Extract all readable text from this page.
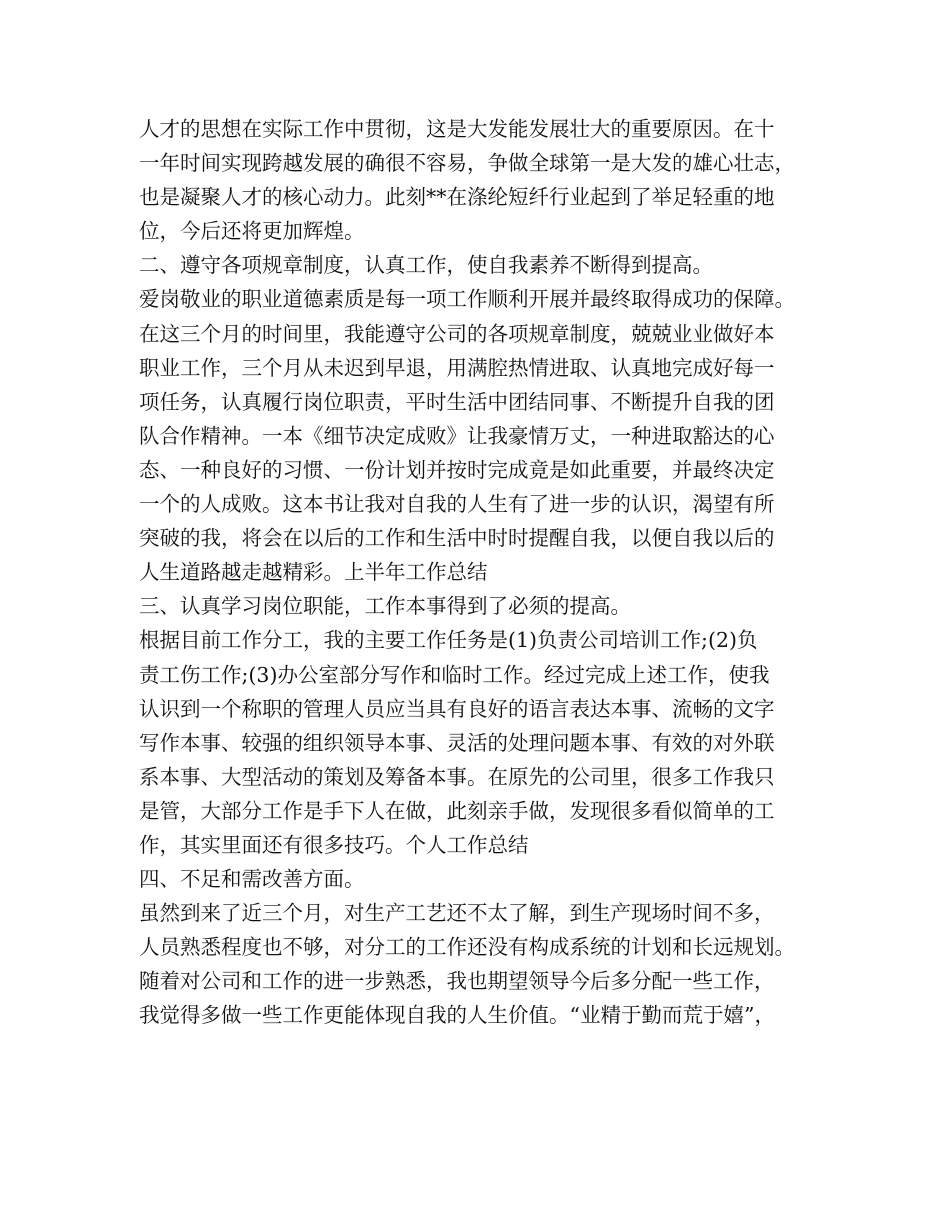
人才的思想在实际工作中贯彻，这是大发能发展壮大的重要原因。在十
一年时间实现跨越发展的确很不容易，争做全球第一是大发的雄心壮志，
也是凝聚人才的核心动力。此刻**在涤纶短纤行业起到了举足轻重的地
位，今后还将更加辉煌。
二、遵守各项规章制度，认真工作，使自我素养不断得到提高。
爱岗敬业的职业道德素质是每一项工作顺利开展并最终取得成功的保障。
在这三个月的时间里，我能遵守公司的各项规章制度，兢兢业业做好本
职业工作，三个月从未迟到早退，用满腔热情进取、认真地完成好每一
项任务，认真履行岗位职责，平时生活中团结同事、不断提升自我的团
队合作精神。一本《细节决定成败》让我豪情万丈，一种进取豁达的心
态、一种良好的习惯、一份计划并按时完成竟是如此重要，并最终决定
一个的人成败。这本书让我对自我的人生有了进一步的认识，渴望有所
突破的我，将会在以后的工作和生活中时时提醒自我，以便自我以后的
人生道路越走越精彩。上半年工作总结
三、认真学习岗位职能，工作本事得到了必须的提高。
根据目前工作分工，我的主要工作任务是(1)负责公司培训工作;(2)负
责工伤工作;(3)办公室部分写作和临时工作。经过完成上述工作，使我
认识到一个称职的管理人员应当具有良好的语言表达本事、流畅的文字
写作本事、较强的组织领导本事、灵活的处理问题本事、有效的对外联
系本事、大型活动的策划及筹备本事。在原先的公司里，很多工作我只
是管，大部分工作是手下人在做，此刻亲手做，发现很多看似简单的工
作，其实里面还有很多技巧。个人工作总结
四、不足和需改善方面。
虽然到来了近三个月，对生产工艺还不太了解，到生产现场时间不多，
人员熟悉程度也不够，对分工的工作还没有构成系统的计划和长远规划。
随着对公司和工作的进一步熟悉，我也期望领导今后多分配一些工作，
我觉得多做一些工作更能体现自我的人生价值。“业精于勤而荒于嬉”，
